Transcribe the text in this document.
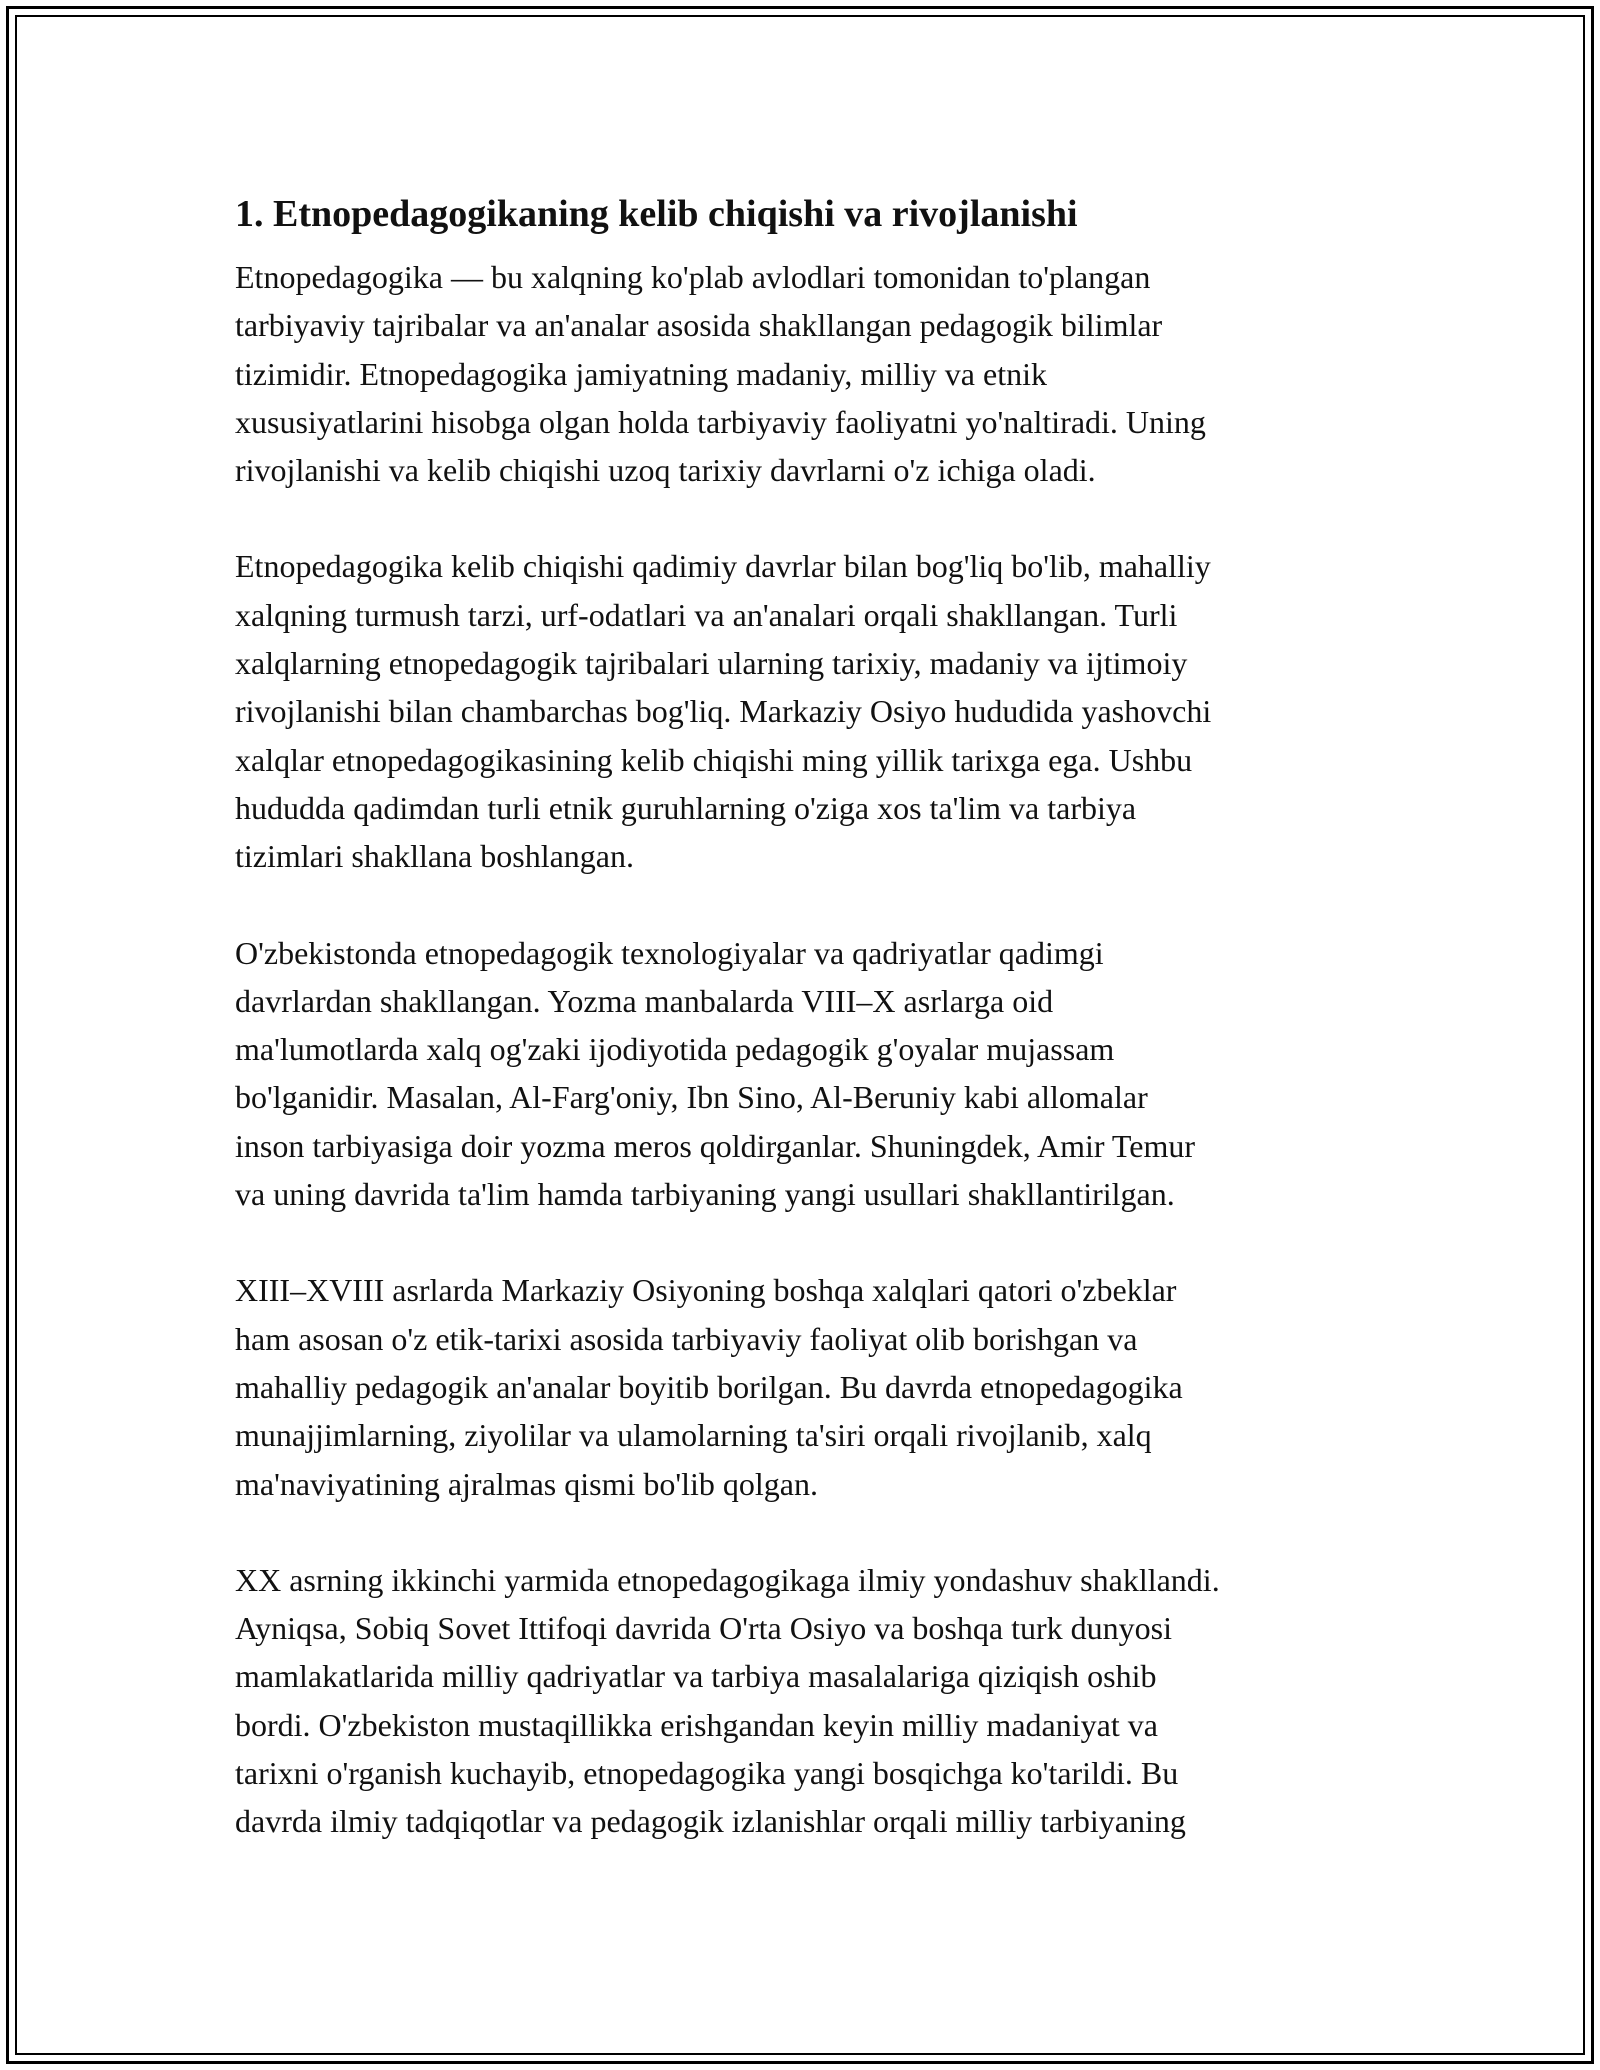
1. Etnopedagogikaning kelib chiqishi va rivojlanishi

Etnopedagogika — bu xalqning ko'plab avlodlari tomonidan to'plangan
tarbiyaviy tajribalar va an'analar asosida shakllangan pedagogik bilimlar
tizimidir. Etnopedagogika jamiyatning madaniy, milliy va etnik
xususiyatlarini hisobga olgan holda tarbiyaviy faoliyatni yo'naltiradi. Uning
rivojlanishi va kelib chiqishi uzoq tarixiy davrlarni o'z ichiga oladi.

Etnopedagogika kelib chiqishi qadimiy davrlar bilan bog'liq bo'lib, mahalliy
xalqning turmush tarzi, urf-odatlari va an'analari orqali shakllangan. Turli
xalqlarning etnopedagogik tajribalari ularning tarixiy, madaniy va ijtimoiy
rivojlanishi bilan chambarchas bog'liq. Markaziy Osiyo hududida yashovchi
xalqlar etnopedagogikasining kelib chiqishi ming yillik tarixga ega. Ushbu
hududda qadimdan turli etnik guruhlarning o'ziga xos ta'lim va tarbiya
tizimlari shakllana boshlangan.

O'zbekistonda etnopedagogik texnologiyalar va qadriyatlar qadimgi
davrlardan shakllangan. Yozma manbalarda VIII–X asrlarga oid
ma'lumotlarda xalq og'zaki ijodiyotida pedagogik g'oyalar mujassam
bo'lganidir. Masalan, Al-Farg'oniy, Ibn Sino, Al-Beruniy kabi allomalar
inson tarbiyasiga doir yozma meros qoldirganlar. Shuningdek, Amir Temur
va uning davrida ta'lim hamda tarbiyaning yangi usullari shakllantirilgan.

XIII–XVIII asrlarda Markaziy Osiyoning boshqa xalqlari qatori o'zbeklar
ham asosan o'z etik-tarixi asosida tarbiyaviy faoliyat olib borishgan va
mahalliy pedagogik an'analar boyitib borilgan. Bu davrda etnopedagogika
munajjimlarning, ziyolilar va ulamolarning ta'siri orqali rivojlanib, xalq
ma'naviyatining ajralmas qismi bo'lib qolgan.

XX asrning ikkinchi yarmida etnopedagogikaga ilmiy yondashuv shakllandi.
Ayniqsa, Sobiq Sovet Ittifoqi davrida O'rta Osiyo va boshqa turk dunyosi
mamlakatlarida milliy qadriyatlar va tarbiya masalalariga qiziqish oshib
bordi. O'zbekiston mustaqillikka erishgandan keyin milliy madaniyat va
tarixni o'rganish kuchayib, etnopedagogika yangi bosqichga ko'tarildi. Bu
davrda ilmiy tadqiqotlar va pedagogik izlanishlar orqali milliy tarbiyaning
